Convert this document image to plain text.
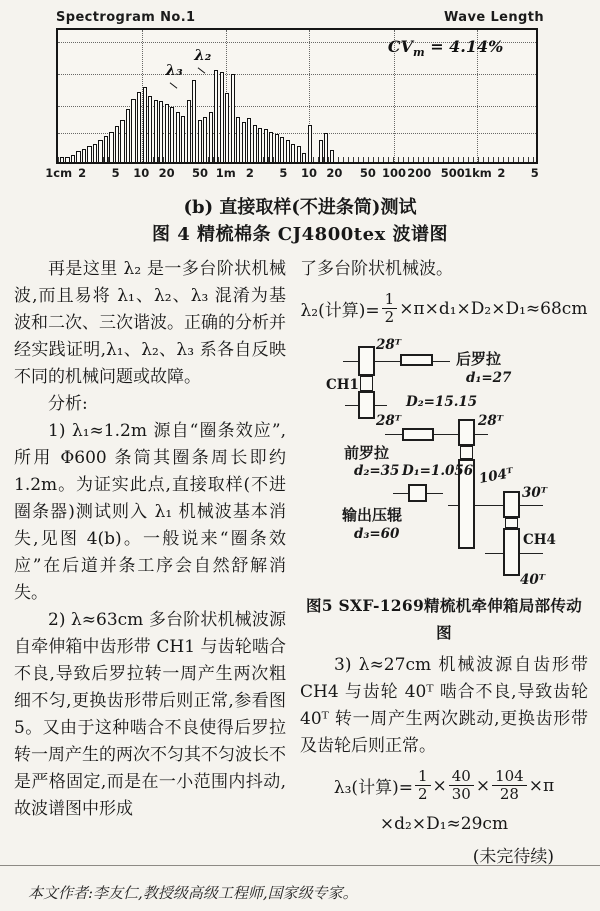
Spectrogram No.1	Wave Length
$CV_m = 4.14\%$
λ₃
λ₂
1cm 2 5 10 20 50 1m 2 5 10 20 50 100 200 500 1km 2 5
(b) 直接取样(不进条筒)测试
图 4 精梳棉条 CJ4800tex 波谱图

再是这里 λ₂ 是一多台阶状机械波,而且易将 λ₁、λ₂、λ₃ 混淆为基波和二次、三次谐波。正确的分析并经实践证明,λ₁、λ₂、λ₃ 系各自反映不同的机械问题或故障。

分析:

1) λ₁≈1.2m 源自“圈条效应”,所用 Φ600 条筒其圈条周长即约 1.2m。为证实此点,直接取样(不进圈条器)测试则入 λ₁ 机械波基本消失,见图 4(b)。一般说来“圈条效应”在后道并条工序会自然舒解消失。

2) λ≈63cm 多台阶状机械波源自牵伸箱中齿形带 CH1 与齿轮啮合不良,导致后罗拉转一周产生两次粗细不匀,更换齿形带后则正常,参看图 5。又由于这种啮合不良使得后罗拉转一周产生的两次不匀其不匀波长不是严格固定,而是在一小范围内抖动,故波谱图中形成

了多台阶状机械波。

λ₂(计算)= $\frac{1}{2} \times\pi\times d_1\times D_2\times D_1\approx 68cm$
28ᵀ
CH1
28ᵀ
后罗拉
d₁=27
D₂=15.15
28ᵀ
前罗拉
d₂=35 D₁=1.056 104ᵀ
30ᵀ
输出压辊
d₃=60	CH4
40ᵀ
图5 SXF-1269精梳机牵伸箱局部传动图

3) λ≈27cm 机械波源自齿形带 CH4 与齿轮 40ᵀ 啮合不良,导致齿轮 40ᵀ 转一周产生两次跳动,更换齿形带及齿轮后则正常。

λ₃(计算)= $\frac{1}{2} \times \frac{40}{30} \times \frac{104}{28} \times\pi$
×d₂×D₁≈29cm
(未完待续)
本文作者:李友仁,教授级高级工程师,国家级专家。
